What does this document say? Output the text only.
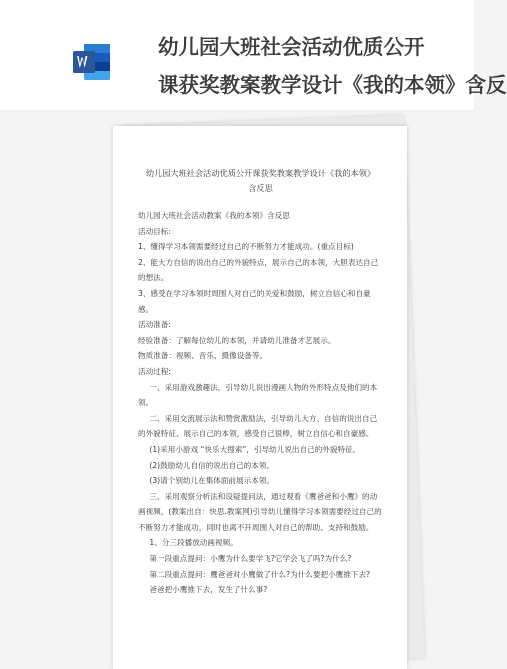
幼儿园大班社会活动优质公开
课获奖教案教学设计《我的本领》含反
幼儿园大班社会活动优质公开课获奖教案教学设计《我的本领》含反思

幼儿园大班社会活动教案《我的本领》含反思

活动目标:

1、懂得学习本领需要经过自己的不断努力才能成功。(重点目标)

2、能大方自信的说出自己的外貌特点，展示自己的本领，大胆表达自己的想法。

3、感受在学习本领时周围人对自己的关爱和鼓励，树立自信心和自豪感。

活动准备:

经验准备：了解每位幼儿的本领，并请幼儿准备才艺展示。

物质准备：视频、音乐、摄像设备等。

活动过程:

一、采用游戏激趣法，引导幼儿说出漫画人物的外形特点及他们的本领。

二、采用交流展示法和赞赏激励法，引导幼儿大方、自信的说出自己的外貌特征、展示自己的本领，感受自己很棒，树立自信心和自豪感。

(1)采用小游戏 “快乐大搜索”，引导幼儿说出自己的外貌特征。

(2)鼓励幼儿自信的说出自己的本领。

(3)请个别幼儿在集体面前展示本领。

三、采用观察分析法和设疑提问法，通过观看《鹰爸爸和小鹰》的动画视频，(教案出自：快思.教案网)引导幼儿懂得学习本领需要经过自己的不断努力才能成功，同时也离不开周围人对自己的帮助、支持和鼓励。

1、分三段播放动画视频。

第一段重点提问：小鹰为什么要学飞?它学会飞了吗?为什么?

第二段重点提问：鹰爸爸对小鹰做了什么?为什么要把小鹰推下去?

爸爸把小鹰推下去，发生了什么事?
